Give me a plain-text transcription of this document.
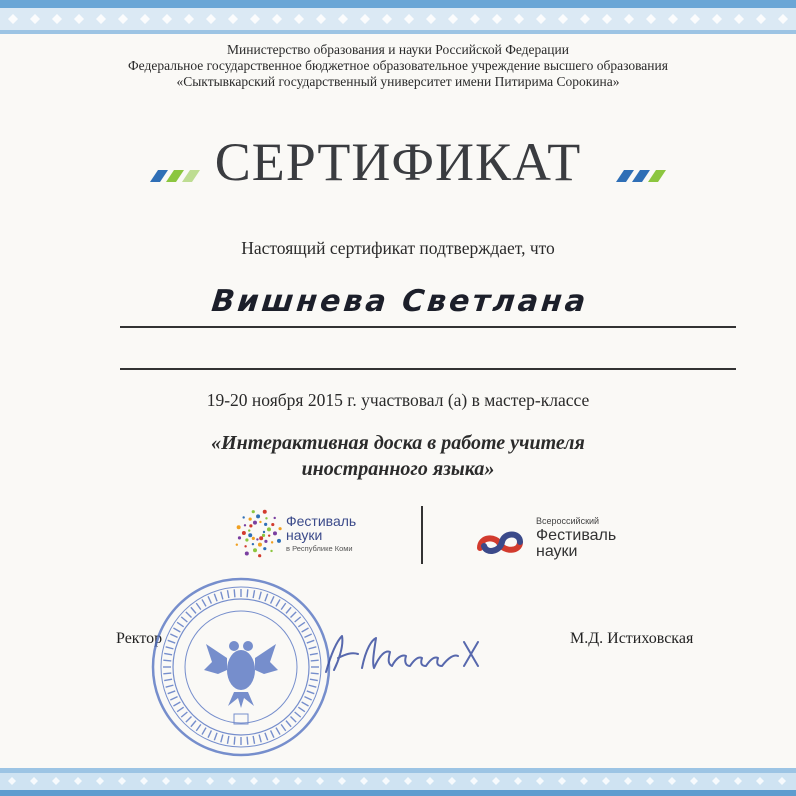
Министерство образования и науки Российской Федерации
Федеральное государственное бюджетное образовательное учреждение высшего образования
«Сыктывкарский государственный университет имени Питирима Сорокина»
СЕРТИФИКАТ
Настоящий сертификат подтверждает, что
Вишнева Светлана
19-20 ноября 2015 г. участвовал (а) в мастер-классе
«Интерактивная доска в работе учителя
иностранного языка»
Фестиваль
науки
в Республике Коми
Всероссийский
Фестиваль
науки
Ректор	М.Д. Истиховская
